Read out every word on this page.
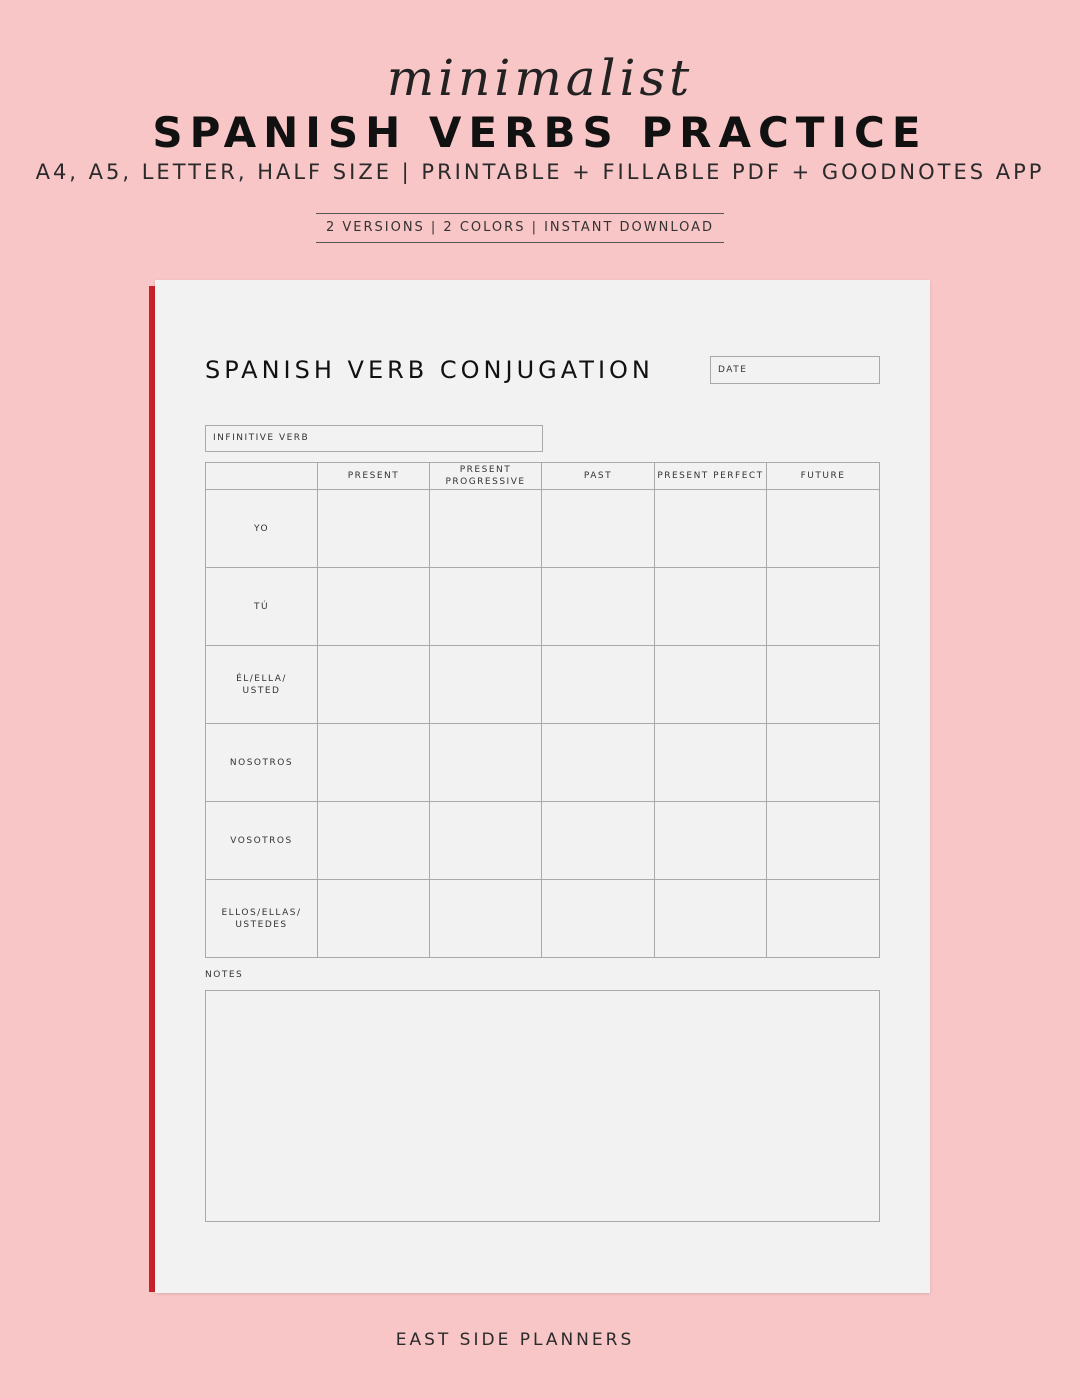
minimalist
SPANISH VERBS PRACTICE
A4, A5, LETTER, HALF SIZE | PRINTABLE + FILLABLE PDF + GOODNOTES APP
2 VERSIONS | 2 COLORS | INSTANT DOWNLOAD
SPANISH VERB CONJUGATION	DATE
INFINITIVE VERB
	PRESENT	PRESENT PROGRESSIVE	PAST	PRESENT PERFECT	FUTURE
YO					
TÚ					
ÉL/ELLA/ USTED					
NOSOTROS					
VOSOTROS					
ELLOS/ELLAS/ USTEDES					
NOTES
EAST SIDE PLANNERS
